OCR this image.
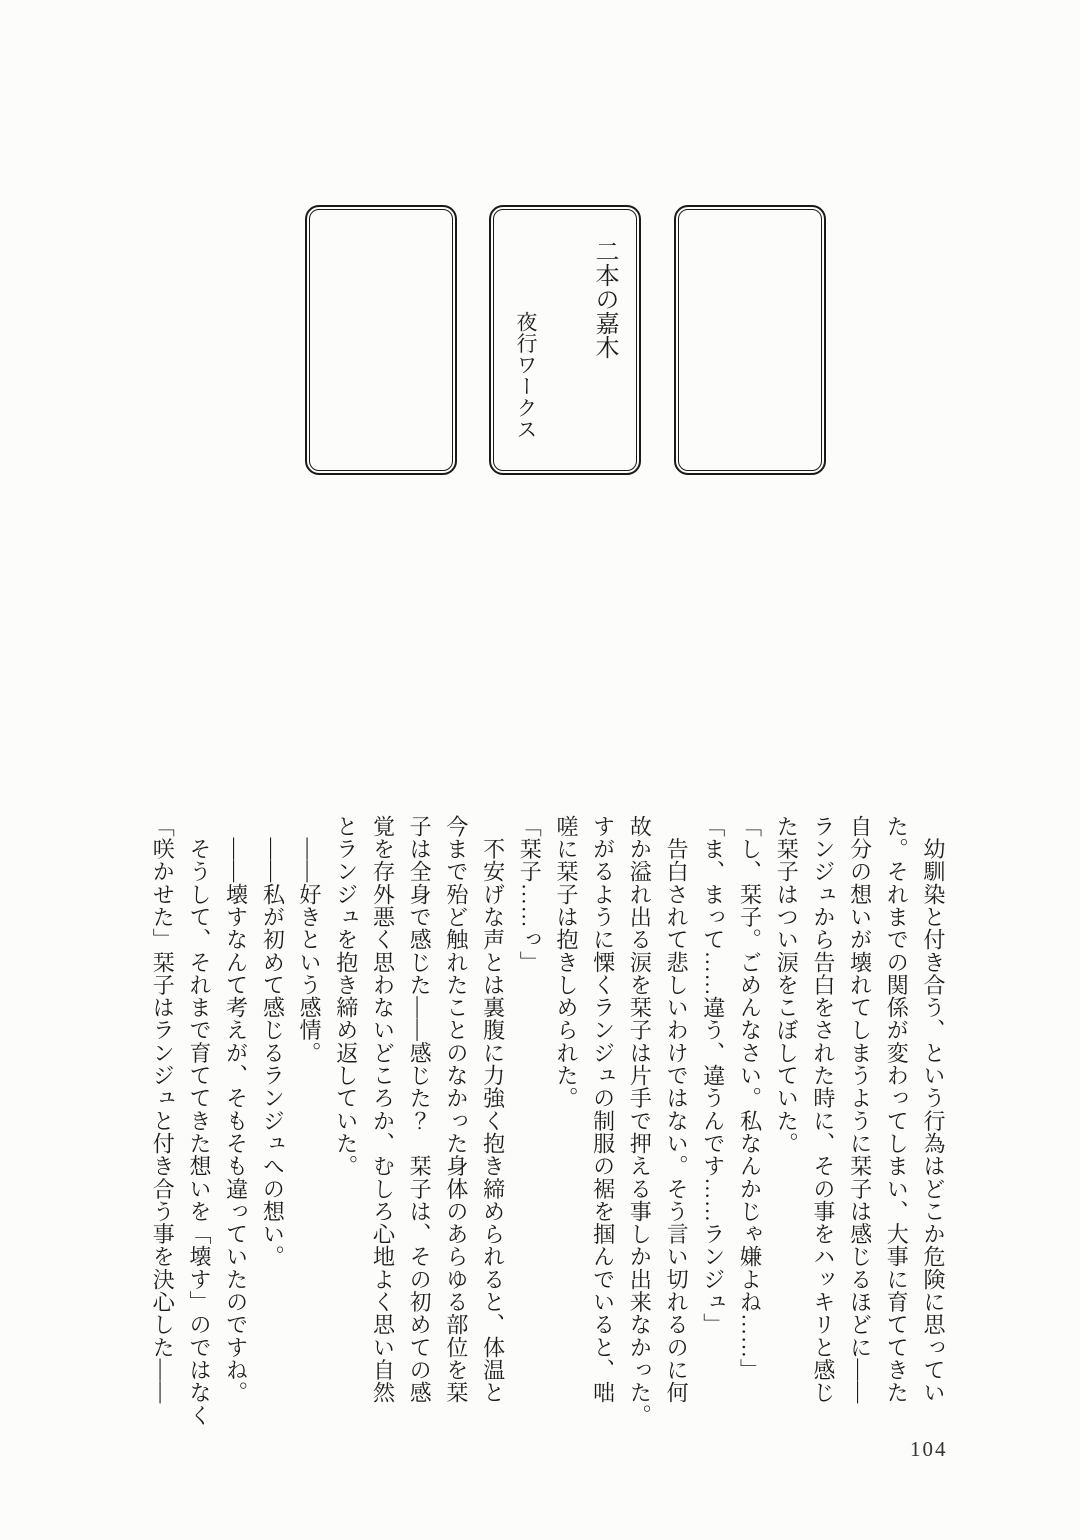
二本の嘉木
夜行ワークス
　幼馴染と付き合う、という行為はどこか危険に思ってい
た。それまでの関係が変わってしまい、大事に育ててきた
自分の想いが壊れてしまうように栞子は感じるほどに——
ランジュから告白をされた時に、その事をハッキリと感じ
た栞子はつい涙をこぼしていた。
「し、栞子。ごめんなさい。私なんかじゃ嫌よね……」
「ま、まって……違う、違うんです……ランジュ」
　告白されて悲しいわけではない。そう言い切れるのに何
故か溢れ出る涙を栞子は片手で押える事しか出来なかった。
すがるように慄くランジュの制服の裾を掴んでいると、咄
嗟に栞子は抱きしめられた。
「栞子……っ」
　不安げな声とは裏腹に力強く抱き締められると、体温と
今まで殆ど触れたことのなかった身体のあらゆる部位を栞
子は全身で感じた——感じた？　栞子は、その初めての感
覚を存外悪く思わないどころか、むしろ心地よく思い自然
とランジュを抱き締め返していた。
　——好きという感情。
　——私が初めて感じるランジュへの想い。
　——壊すなんて考えが、そもそも違っていたのですね。
　そうして、それまで育ててきた想いを「壊す」のではなく
「咲かせた」栞子はランジュと付き合う事を決心した——
104
